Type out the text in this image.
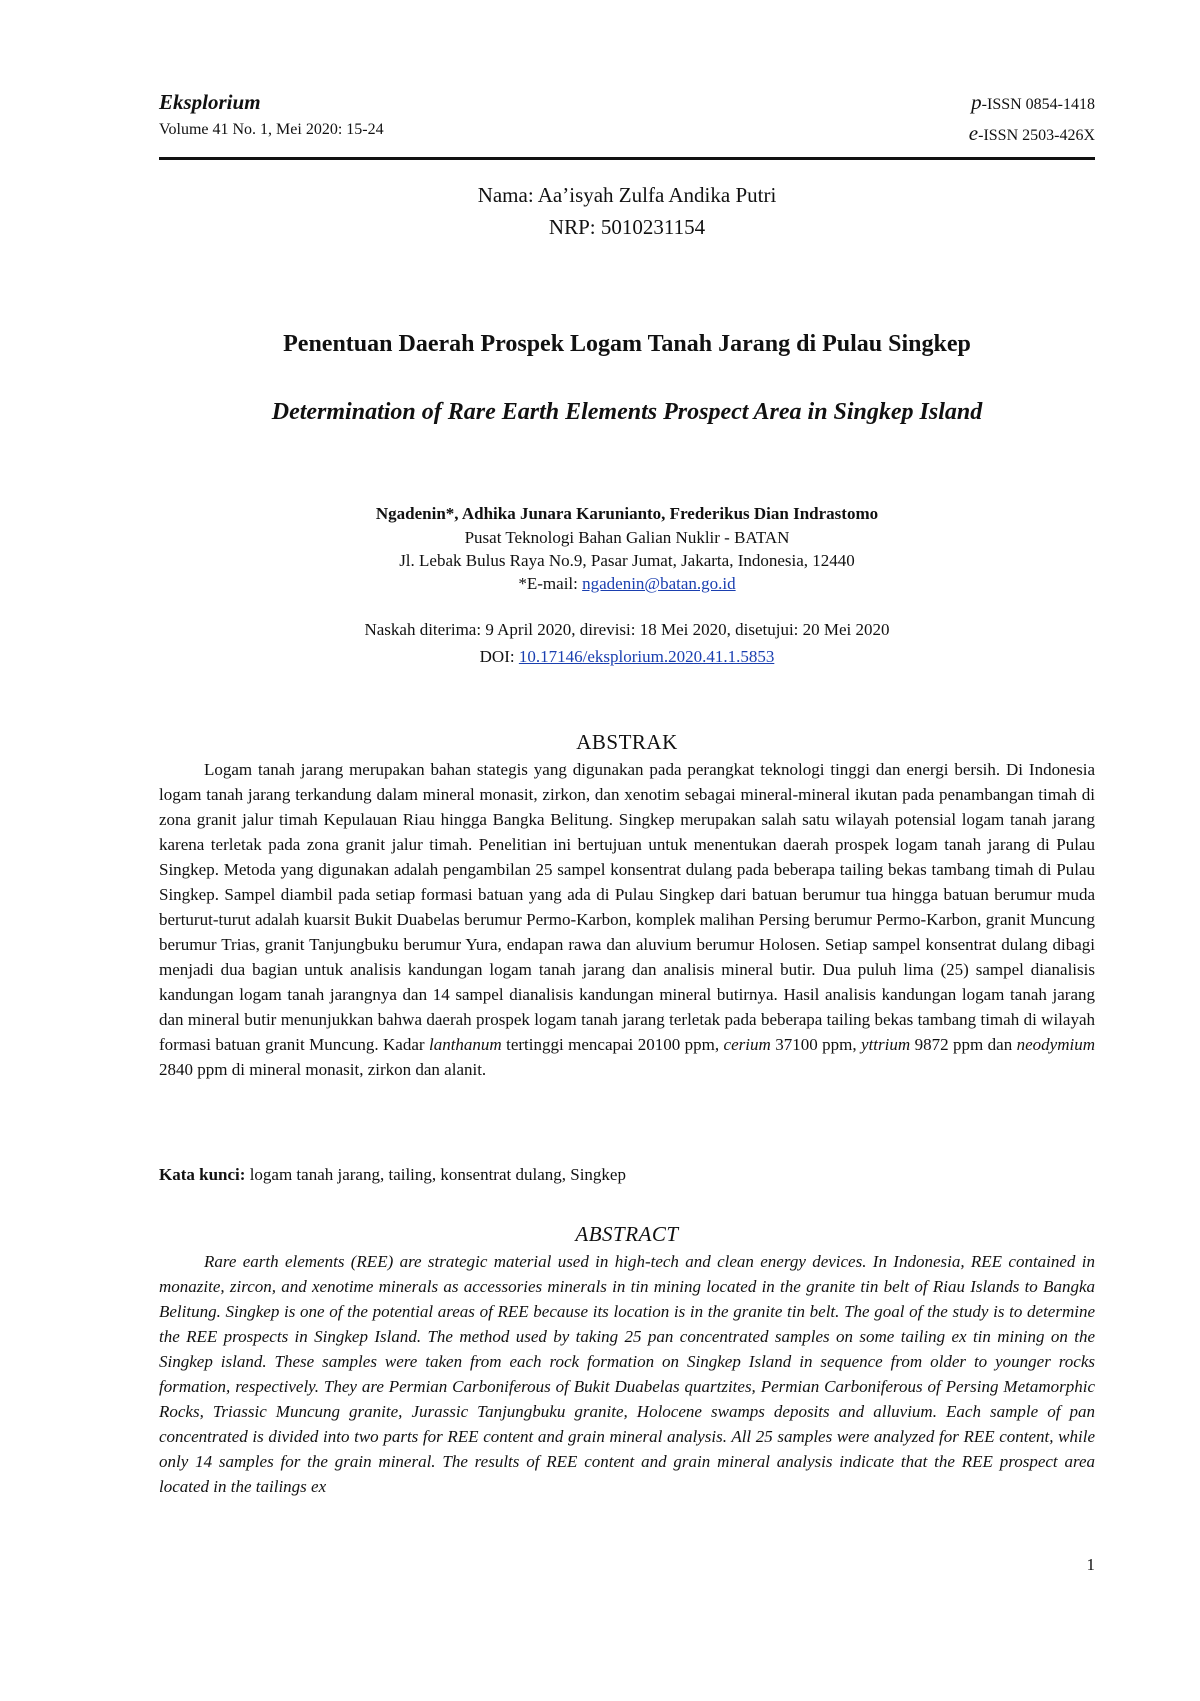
Eksplorium
Volume 41 No. 1, Mei 2020: 15-24
p-ISSN 0854-1418
e-ISSN 2503-426X
Nama: Aa’isyah Zulfa Andika Putri
NRP: 5010231154
Penentuan Daerah Prospek Logam Tanah Jarang di Pulau Singkep
Determination of Rare Earth Elements Prospect Area in Singkep Island
Ngadenin*, Adhika Junara Karunianto, Frederikus Dian Indrastomo
Pusat Teknologi Bahan Galian Nuklir - BATAN
Jl. Lebak Bulus Raya No.9, Pasar Jumat, Jakarta, Indonesia, 12440
*E-mail: ngadenin@batan.go.id
Naskah diterima: 9 April 2020, direvisi: 18 Mei 2020, disetujui: 20 Mei 2020
DOI: 10.17146/eksplorium.2020.41.1.5853
ABSTRAK
Logam tanah jarang merupakan bahan stategis yang digunakan pada perangkat teknologi tinggi dan energi bersih. Di Indonesia logam tanah jarang terkandung dalam mineral monasit, zirkon, dan xenotim sebagai mineral-mineral ikutan pada penambangan timah di zona granit jalur timah Kepulauan Riau hingga Bangka Belitung. Singkep merupakan salah satu wilayah potensial logam tanah jarang karena terletak pada zona granit jalur timah. Penelitian ini bertujuan untuk menentukan daerah prospek logam tanah jarang di Pulau Singkep. Metoda yang digunakan adalah pengambilan 25 sampel konsentrat dulang pada beberapa tailing bekas tambang timah di Pulau Singkep. Sampel diambil pada setiap formasi batuan yang ada di Pulau Singkep dari batuan berumur tua hingga batuan berumur muda berturut-turut adalah kuarsit Bukit Duabelas berumur Permo-Karbon, komplek malihan Persing berumur Permo-Karbon, granit Muncung berumur Trias, granit Tanjungbuku berumur Yura, endapan rawa dan aluvium berumur Holosen. Setiap sampel konsentrat dulang dibagi menjadi dua bagian untuk analisis kandungan logam tanah jarang dan analisis mineral butir. Dua puluh lima (25) sampel dianalisis kandungan logam tanah jarangnya dan 14 sampel dianalisis kandungan mineral butirnya. Hasil analisis kandungan logam tanah jarang dan mineral butir menunjukkan bahwa daerah prospek logam tanah jarang terletak pada beberapa tailing bekas tambang timah di wilayah formasi batuan granit Muncung. Kadar lanthanum tertinggi mencapai 20100 ppm, cerium 37100 ppm, yttrium 9872 ppm dan neodymium 2840 ppm di mineral monasit, zirkon dan alanit.
Kata kunci: logam tanah jarang, tailing, konsentrat dulang, Singkep
ABSTRACT
Rare earth elements (REE) are strategic material used in high-tech and clean energy devices. In Indonesia, REE contained in monazite, zircon, and xenotime minerals as accessories minerals in tin mining located in the granite tin belt of Riau Islands to Bangka Belitung. Singkep is one of the potential areas of REE because its location is in the granite tin belt. The goal of the study is to determine the REE prospects in Singkep Island. The method used by taking 25 pan concentrated samples on some tailing ex tin mining on the Singkep island. These samples were taken from each rock formation on Singkep Island in sequence from older to younger rocks formation, respectively. They are Permian Carboniferous of Bukit Duabelas quartzites, Permian Carboniferous of Persing Metamorphic Rocks, Triassic Muncung granite, Jurassic Tanjungbuku granite, Holocene swamps deposits and alluvium. Each sample of pan concentrated is divided into two parts for REE content and grain mineral analysis. All 25 samples were analyzed for REE content, while only 14 samples for the grain mineral. The results of REE content and grain mineral analysis indicate that the REE prospect area located in the tailings ex
1
